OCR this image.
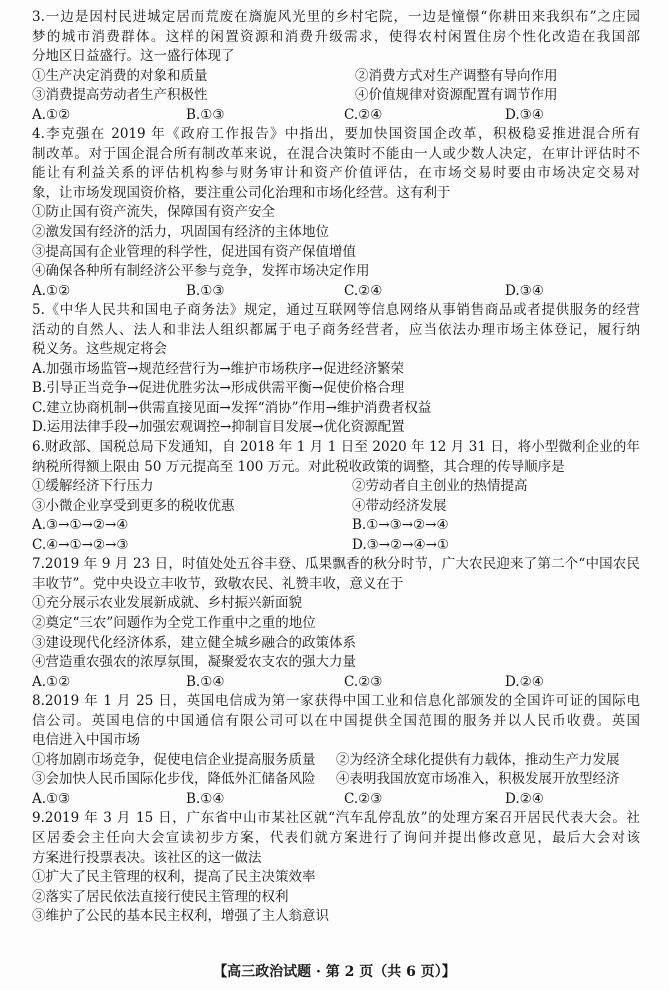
3.一边是因村民进城定居而荒废在旖旎风光里的乡村宅院，一边是憧憬“你耕田来我织布”之庄园
梦的城市消费群体。这样的闲置资源和消费升级需求，使得农村闲置住房个性化改造在我国部
分地区日益盛行。这一盛行体现了
①生产决定消费的对象和质量	②消费方式对生产调整有导向作用
③消费提高劳动者生产积极性	④价值规律对资源配置有调节作用
A.①②	B.①③	C.②④	D.③④
4.李克强在 2019 年《政府工作报告》中指出，要加快国资国企改革，积极稳妥推进混合所有
制改革。对于国企混合所有制改革来说，在混合决策时不能由一人或少数人决定，在审计评估时不
能让有利益关系的评估机构参与财务审计和资产价值评估，在市场交易时要由市场决定交易对
象，让市场发现国资价格，要注重公司化治理和市场化经营。这有利于
①防止国有资产流失，保障国有资产安全
②激发国有经济的活力，巩固国有经济的主体地位
③提高国有企业管理的科学性，促进国有资产保值增值
④确保各种所有制经济公平参与竞争，发挥市场决定作用
A.①②	B.①③	C.②④	D.③④
5.《中华人民共和国电子商务法》规定，通过互联网等信息网络从事销售商品或者提供服务的经营
活动的自然人、法人和非法人组织都属于电子商务经营者，应当依法办理市场主体登记，履行纳
税义务。这些规定将会
A.加强市场监管→规范经营行为→维护市场秩序→促进经济繁荣
B.引导正当竞争→促进优胜劣汰→形成供需平衡→促使价格合理
C.建立协商机制→供需直接见面→发挥“消协”作用→维护消费者权益
D.运用法律手段→加强宏观调控→抑制盲目发展→优化资源配置
6.财政部、国税总局下发通知，自 2018 年 1 月 1 日至 2020 年 12 月 31 日，将小型微利企业的年
纳税所得额上限由 50 万元提高至 100 万元。对此税收政策的调整，其合理的传导顺序是
①缓解经济下行压力	②劳动者自主创业的热情提高
③小微企业享受到更多的税收优惠	④带动经济发展
A.③→①→②→④	B.①→③→②→④
C.④→①→②→③	D.③→②→④→①
7.2019 年 9 月 23 日，时值处处五谷丰登、瓜果飘香的秋分时节，广大农民迎来了第二个“中国农民
丰收节”。党中央设立丰收节，致敬农民、礼赞丰收，意义在于
①充分展示农业发展新成就、乡村振兴新面貌
②奠定“三农”问题作为全党工作重中之重的地位
③建设现代化经济体系，建立健全城乡融合的政策体系
④营造重农强农的浓厚氛围，凝聚爱农支农的强大力量
A.①②	B.①④	C.②③	D.②④
8.2019 年 1 月 25 日，英国电信成为第一家获得中国工业和信息化部颁发的全国许可证的国际电
信公司。英国电信的中国通信有限公司可以在中国提供全国范围的服务并以人民币收费。英国
电信进入中国市场
①将加剧市场竞争，促使电信企业提高服务质量 ②为经济全球化提供有力载体，推动生产力发展
③会加快人民币国际化步伐，降低外汇储备风险 ④表明我国放宽市场准入，积极发展开放型经济
A.①③	B.①④	C.②③	D.②④
9.2019 年 3 月 15 日，广东省中山市某社区就“汽车乱停乱放”的处理方案召开居民代表大会。社
区居委会主任向大会宣读初步方案，代表们就方案进行了询问并提出修改意见，最后大会对该
方案进行投票表决。该社区的这一做法
①扩大了民主管理的权利，提高了民主决策效率
②落实了居民依法直接行使民主管理的权利
③维护了公民的基本民主权利，增强了主人翁意识
【高三政治试题 · 第 2 页（共 6 页）】
